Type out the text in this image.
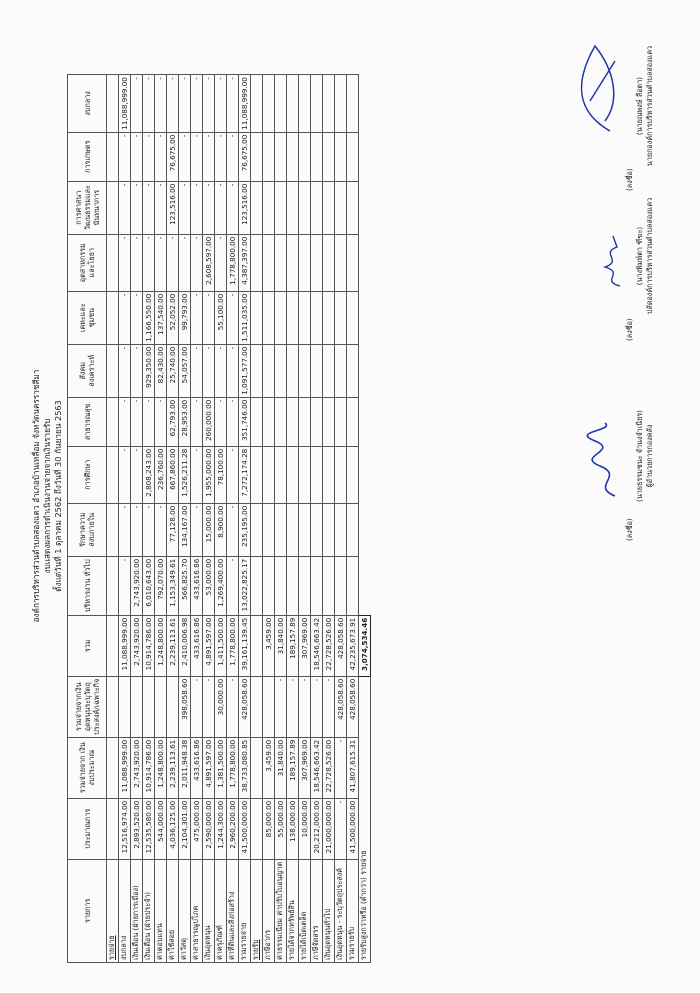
องค์การบริหารส่วนตำบลสองแคว อำเภอบ้านเหลื่อม จังหวัดนครราชสีมา งบแสดงผลการดำเนินงานจ่ายจากเงินรายรับ ตั้งแต่วันที่ 1 ตุลาคม 2562 ถึงวันที่ 30 กันยายน 2563
รายการ	ประมาณการ	รวมจ่ายจาก เงินงบประมาณ	รวมจ่ายจากเงิน อุดหนุนระบุวัตถุ ประสงค์/เฉพาะกิจ	รวม	บริหารงาน ทั่วไป	รักษาความ สงบภายใน	การศึกษา	สาธารณสุข	สังคม สงเคราะห์	เคหะและ ชุมชน	อุตสาหกรรม และโยธา	การศาสนา วัฒนธรรมและ นันทนาการ	การเกษตร	งบกลาง
รายจ่าย														
งบกลาง	12,516,974.00	11,088,999.00		11,088,999.00	-	-	-	-	-	-	-	-	-	11,088,999.00
เงินเดือน (ฝ่ายการเมือง)	2,893,520.00	2,743,920.00		2,743,920.00	2,743,920.00	-	-	-	-	-	-	-	-	-
เงินเดือน (ฝ่ายประจำ)	12,535,580.00	10,914,786.00		10,914,786.00	6,010,643.00	-	2,808,243.00	-	929,350.00	1,166,550.00	-	-	-	-
ค่าตอบแทน	544,000.00	1,248,800.00		1,248,800.00	792,070.00	-	236,760.00	-	82,430.00	137,540.00	-	-	-	-
ค่าใช้สอย	4,036,125.00	2,239,113.61		2,239,113.61	1,153,349.61	77,128.00	667,860.00	62,793.00	25,740.00	52,052.00	-	123,516.00	76,675.00	-
ค่าวัสดุ	2,104,301.00	2,011,948.38	398,058.60	2,410,006.98	566,825.70	134,167.00	1,526,211.28	28,953.00	54,057.00	99,793.00	-	-	-	-
ค่าสาธารณูปโภค	475,000.00	433,616.86	-	433,616.86	433,616.86	-	-	-	-	-	-	-	-	-
เงินอุดหนุน	2,590,000.00	4,891,597.00	-	4,891,597.00	53,000.00	15,000.00	1,955,000.00	260,000.00	-	-	2,608,597.00	-	-	-
ค่าครุภัณฑ์	1,244,300.00	1,381,500.00	30,000.00	1,411,500.00	1,269,400.00	8,900.00	78,100.00	-	-	55,100.00	-	-	-	-
ค่าที่ดินและสิ่งก่อสร้าง	2,960,200.00	1,778,800.00	-	1,778,800.00	-	-	-	-	-	-	1,778,800.00	-	-	-
รวมรายจ่าย	41,500,000.00	38,733,080.85	428,058.60	39,161,139.45	13,022,825.17	235,195.00	7,272,174.28	351,746.00	1,091,577.00	1,511,035.00	4,387,397.00	123,516.00	76,675.00	11,088,999.00
รายรับ														
ภาษีอากร	85,000.00	3,459.00		3,459.00										
ค่าธรรมเนียม ค่าปรับใบอนุญาต	55,000.00	31,840.00	-	31,840.00										
รายได้จากทรัพย์สิน	138,000.00	189,157.89	-	189,157.89										
รายได้เบ็ดเตล็ด	10,000.00	307,969.00	-	307,969.00										
ภาษีจัดสรร	20,212,000.00	18,546,663.42	-	18,546,663.42										
เงินอุดหนุนทั่วไป	21,000,000.00	22,728,526.00	-	22,728,526.00										
เงินอุดหนุน - ระบุวัตถุประสงค์	-	-	428,058.60	428,058.60										
รวมรายรับ	41,500,000.00	41,807,615.31	428,058.60	42,235,673.91										
รายรับสูงกว่าหรือ (ต่ำกว่า) รายจ่าย				3,074,534.46										
(ลงชื่อ)
(นายธรรมชนะ จำนงจำเนียร) ผู้อำนวยการกองคลัง
(ลงชื่อ)
(นางพิมพ์ตา ฑีฆะ) ปลัดองค์การบริหารส่วนตำบลสองแคว
(ลงชื่อ)
(นายณพงษ์ ลือตา) นายกองค์การบริหารส่วนตำบลสองแคว
